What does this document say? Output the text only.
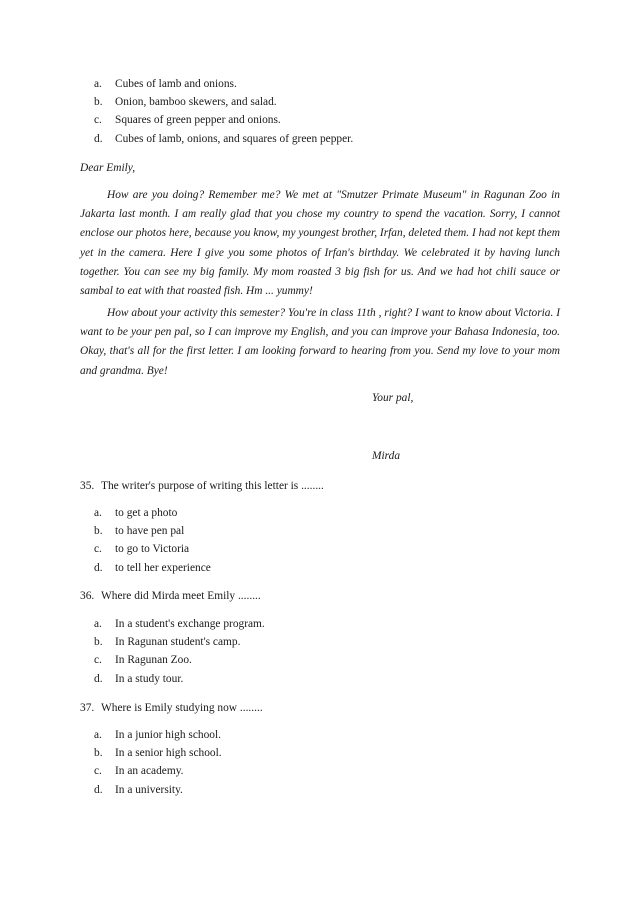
a.	Cubes of lamb and onions.
b.	Onion, bamboo skewers, and salad.
c.	Squares of green pepper and onions.
d.	Cubes of lamb, onions, and squares of green pepper.
Dear Emily,

How are you doing? Remember me? We met at "Smutzer Primate Museum" in Ragunan Zoo in Jakarta last month. I am really glad that you chose my country to spend the vacation. Sorry, I cannot enclose our photos here, because you know, my youngest brother, Irfan, deleted them. I had not kept them yet in the camera. Here I give you some photos of Irfan's birthday. We celebrated it by having lunch together. You can see my big family. My mom roasted 3 big fish for us. And we had hot chili sauce or sambal to eat with that roasted fish. Hm ... yummy!

How about your activity this semester? You're in class 11th , right? I want to know about Victoria. I want to be your pen pal, so I can improve my English, and you can improve your Bahasa Indonesia, too. Okay, that's all for the first letter. I am looking forward to hearing from you. Send my love to your mom and grandma. Bye!

Your pal,
Mirda
35. The writer's purpose of writing this letter is ........
a.	to get a photo
b.	to have pen pal
c.	to go to Victoria
d.	to tell her experience
36. Where did Mirda meet Emily ........
a.	In a student's exchange program.
b.	In Ragunan student's camp.
c.	In Ragunan Zoo.
d.	In a study tour.
37. Where is Emily studying now ........
a.	In a junior high school.
b.	In a senior high school.
c.	In an academy.
d.	In a university.
